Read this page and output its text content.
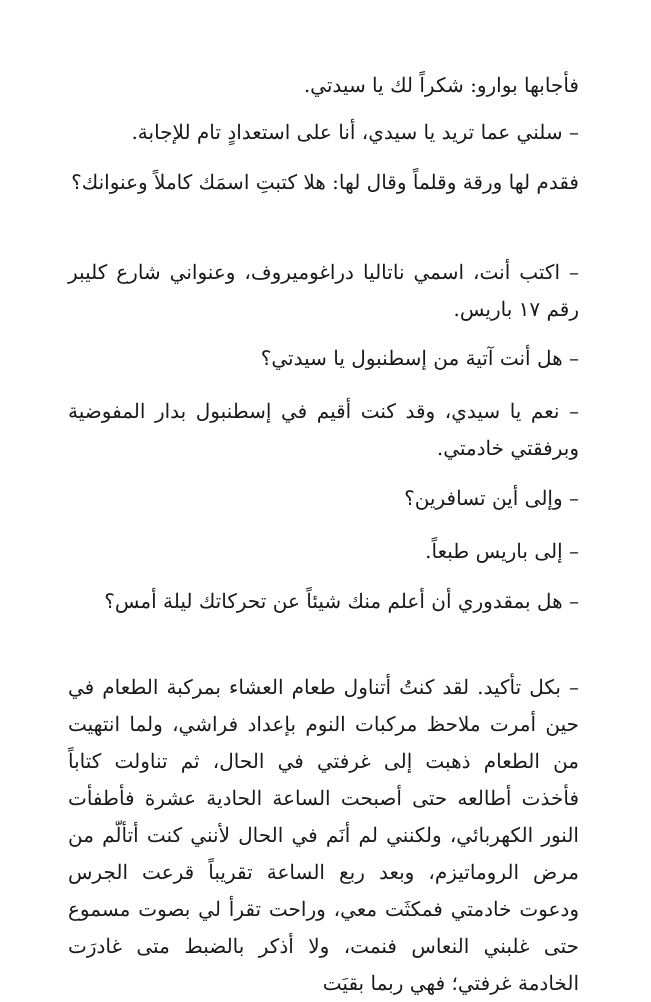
فأجابها بوارو: شكراً لك يا سيدتي.

– سلني عما تريد يا سيدي، أنا على استعدادٍ تام للإجابة.

فقدم لها ورقة وقلماً وقال لها: هلا كتبتِ اسمَك كاملاً وعنوانك؟

– اكتب أنت، اسمي ناتاليا دراغوميروف، وعنواني شارع كليبر رقم ١٧ باريس.

– هل أنت آتية من إسطنبول يا سيدتي؟

– نعم يا سيدي، وقد كنت أقيم في إسطنبول بدار المفوضية وبرفقتي خادمتي.

– وإلى أين تسافرين؟

– إلى باريس طبعاً.

– هل بمقدوري أن أعلم منك شيئاً عن تحركاتك ليلة أمس؟

– بكل تأكيد. لقد كنتُ أتناول طعام العشاء بمركبة الطعام في حين أمرت ملاحظ مركبات النوم بإعداد فراشي، ولما انتهيت من الطعام ذهبت إلى غرفتي في الحال، ثم تناولت كتاباً فأخذت أطالعه حتى أصبحت الساعة الحادية عشرة فأطفأت النور الكهربائي، ولكنني لم أنَم في الحال لأنني كنت أتألّم من مرض الروماتيزم، وبعد ربع الساعة تقريباً قرعت الجرس ودعوت خادمتي فمكثَت معي، وراحت تقرأ لي بصوت مسموع حتى غلبني النعاس فنمت، ولا أذكر بالضبط متى غادرَت الخادمة غرفتي؛ فهي ربما بقيَت
